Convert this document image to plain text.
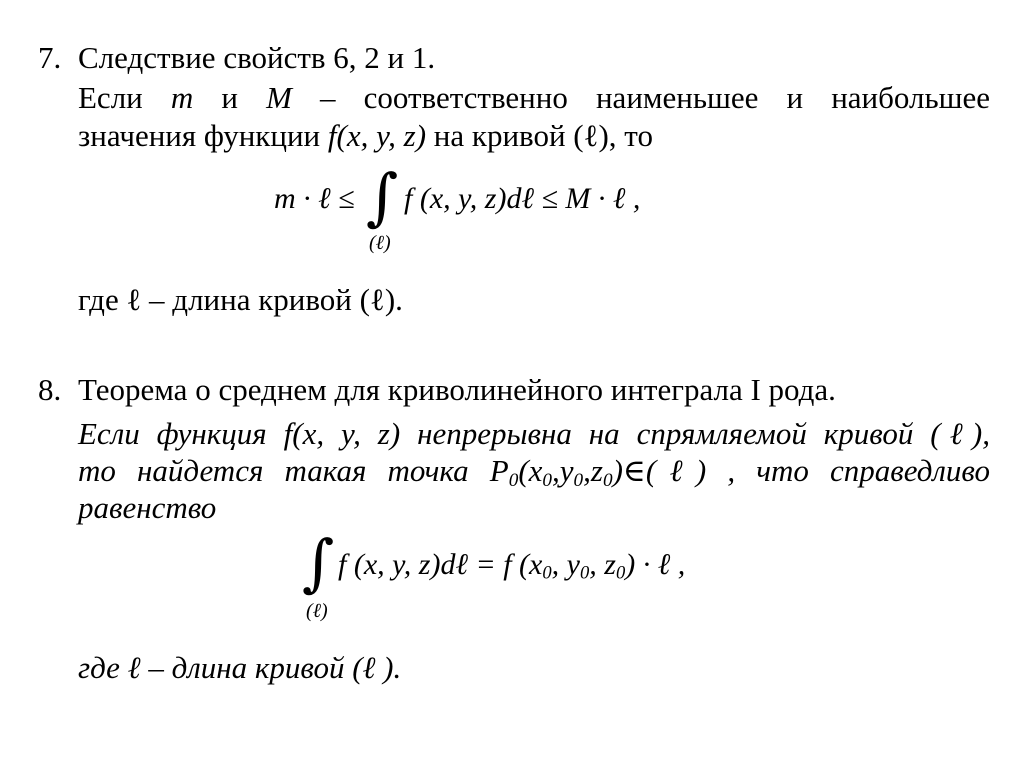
7. Следствие свойств 6, 2 и 1.
Если m и M – соответственно наименьшее и наибольшее
значения функции f(x, y, z) на кривой (ℓ), то
m · ℓ ≤ ∫ f (x, y, z)dℓ ≤ M · ℓ ,
(ℓ)
где ℓ – длина кривой (ℓ).
8. Теорема о среднем для криволинейного интеграла I рода.
Если функция f(x, y, z) непрерывна на спрямляемой кривой (ℓ),
то найдется такая точка $P_0(x_0,y_0,z_0)\in(\ell)$ , что справедливо
равенство
∫ f (x, y, z)dℓ = f ($x_0$, $y_0$, $z_0$) · ℓ ,
(ℓ)
где ℓ – длина кривой (ℓ ).
